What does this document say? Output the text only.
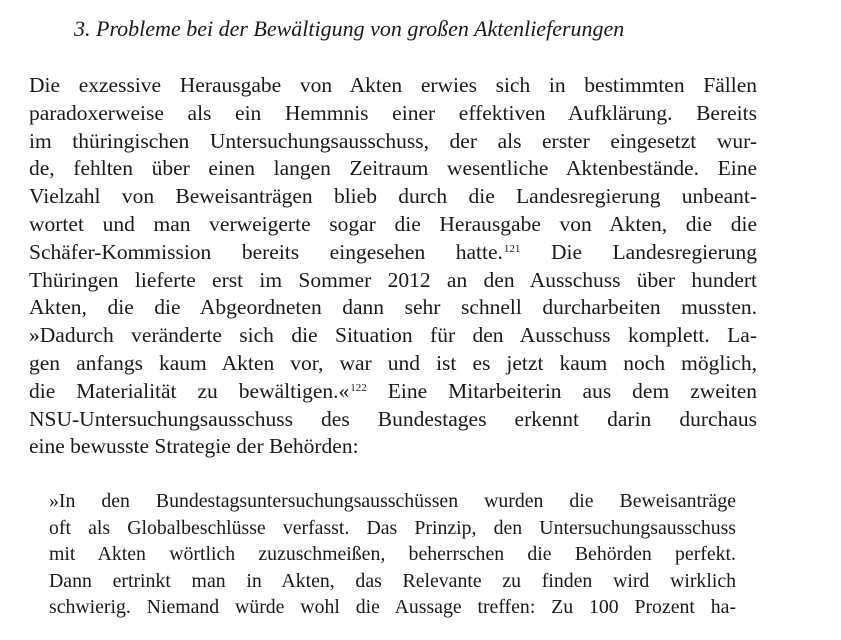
3. Probleme bei der Bewältigung von großen Aktenlieferungen
Die exzessive Herausgabe von Akten erwies sich in bestimmten Fällen
paradoxerweise als ein Hemmnis einer effektiven Aufklärung. Bereits
im thüringischen Untersuchungsausschuss, der als erster eingesetzt wur-
de, fehlten über einen langen Zeitraum wesentliche Aktenbestände. Eine
Vielzahl von Beweisanträgen blieb durch die Landesregierung unbeant-
wortet und man verweigerte sogar die Herausgabe von Akten, die die
Schäfer-Kommission bereits eingesehen hatte.$^{121}$ Die Landesregierung
Thüringen lieferte erst im Sommer 2012 an den Ausschuss über hundert
Akten, die die Abgeordneten dann sehr schnell durcharbeiten mussten.
»Dadurch veränderte sich die Situation für den Ausschuss komplett. La-
gen anfangs kaum Akten vor, war und ist es jetzt kaum noch möglich,
die Materialität zu bewältigen.«$^{122}$ Eine Mitarbeiterin aus dem zweiten
NSU-Untersuchungsausschuss des Bundestages erkennt darin durchaus
eine bewusste Strategie der Behörden:
»In den Bundestagsuntersuchungsausschüssen wurden die Beweisanträge
oft als Globalbeschlüsse verfasst. Das Prinzip, den Untersuchungsausschuss
mit Akten wörtlich zuzuschmeißen, beherrschen die Behörden perfekt.
Dann ertrinkt man in Akten, das Relevante zu finden wird wirklich
schwierig. Niemand würde wohl die Aussage treffen: Zu 100 Prozent ha-
